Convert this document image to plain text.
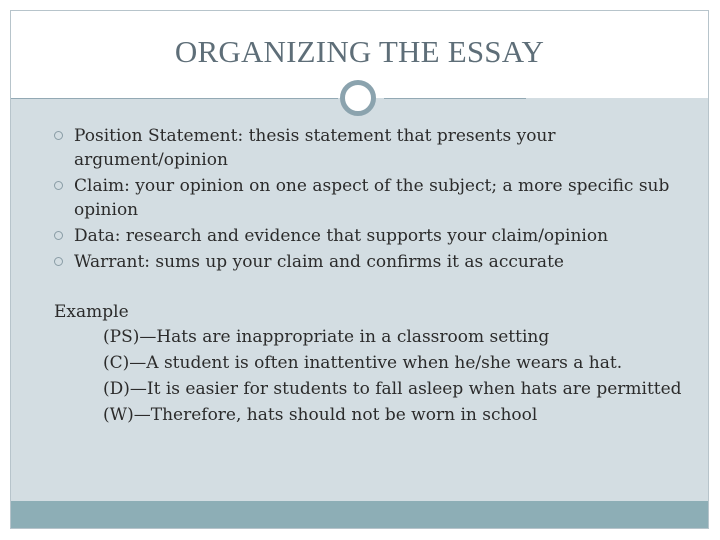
ORGANIZING THE ESSAY
Position Statement: thesis statement that presents your argument/opinion
Claim: your opinion on one aspect of the subject; a more specific sub opinion
Data: research and evidence that supports your claim/opinion
Warrant: sums up your claim and confirms it as accurate
Example
(PS)—Hats are inappropriate in a classroom setting
(C)—A student is often inattentive when he/she wears a hat.
(D)—It is easier for students to fall asleep when hats are permitted
(W)—Therefore, hats should not be worn in school
